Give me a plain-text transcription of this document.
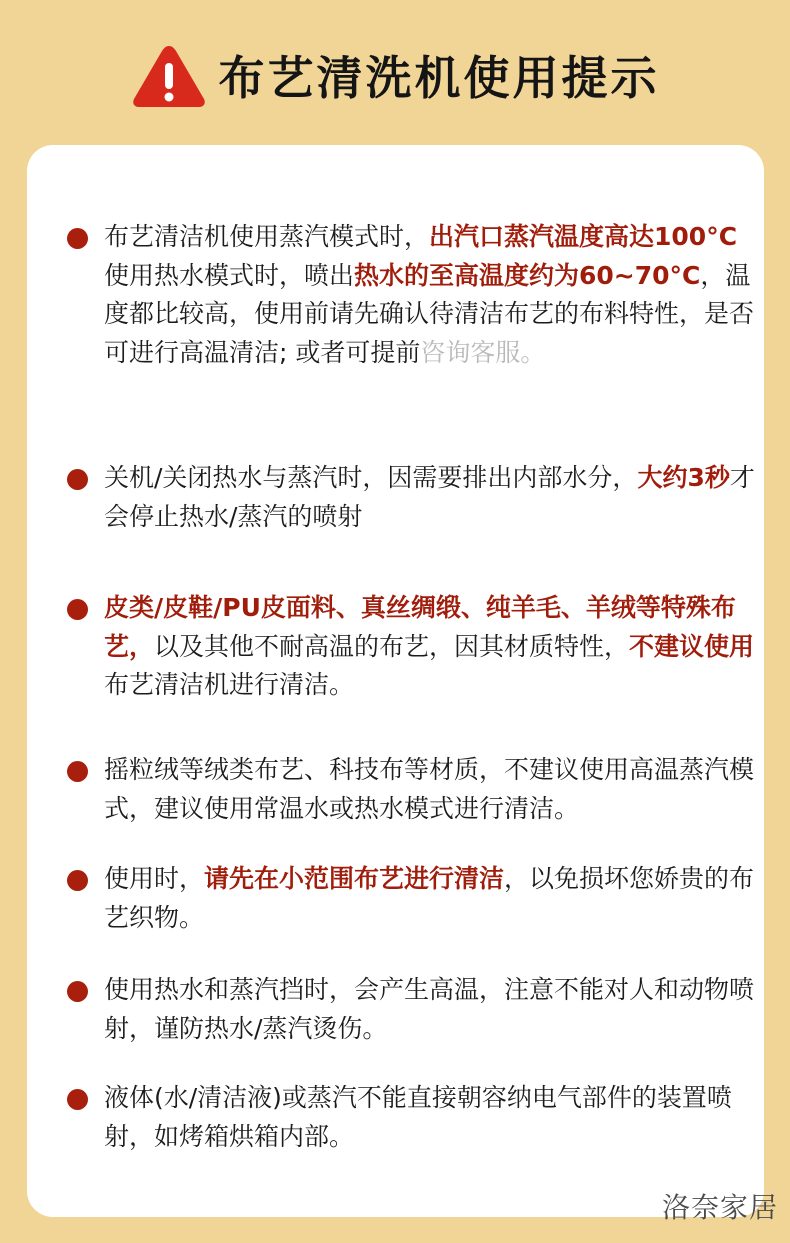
布艺清洗机使用提示
布艺清洁机使用蒸汽模式时，出汽口蒸汽温度高达100°C使用热水模式时，喷出热水的至高温度约为60~70°C，温度都比较高，使用前请先确认待清洁布艺的布料特性，是否可进行高温清洁; 或者可提前咨询客服。
关机/关闭热水与蒸汽时，因需要排出内部水分，大约3秒才会停止热水/蒸汽的喷射
皮类/皮鞋/PU皮面料、真丝绸缎、纯羊毛、羊绒等特殊布艺，以及其他不耐高温的布艺，因其材质特性，不建议使用布艺清洁机进行清洁。
摇粒绒等绒类布艺、科技布等材质，不建议使用高温蒸汽模式，建议使用常温水或热水模式进行清洁。
使用时，请先在小范围布艺进行清洁，以免损坏您娇贵的布艺织物。
使用热水和蒸汽挡时，会产生高温，注意不能对人和动物喷射，谨防热水/蒸汽烫伤。
液体(水/清洁液)或蒸汽不能直接朝容纳电气部件的装置喷射，如烤箱烘箱内部。
洛奈家居
